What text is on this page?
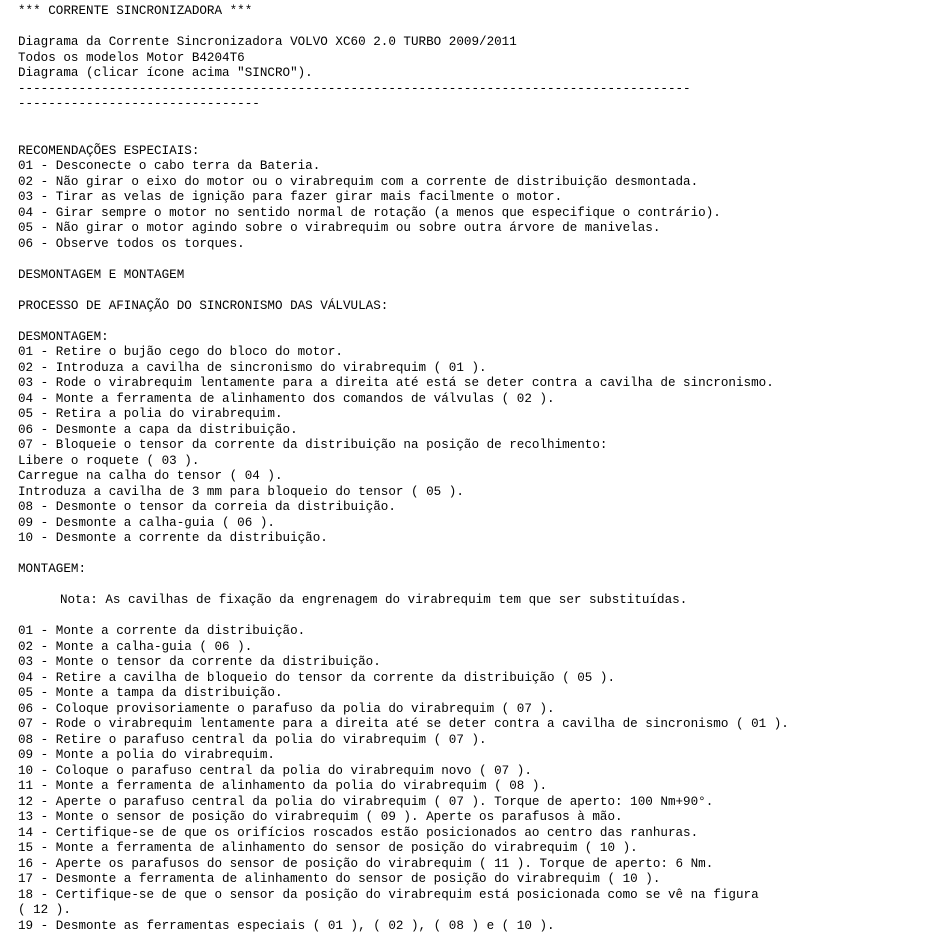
*** CORRENTE SINCRONIZADORA ***
Diagrama da Corrente Sincronizadora VOLVO XC60 2.0 TURBO 2009/2011
Todos os modelos Motor B4204T6
Diagrama (clicar ícone acima "SINCRO").
-----------------------------------------------------------------------------------------
--------------------------------
RECOMENDAÇÕES ESPECIAIS:
01 - Desconecte o cabo terra da Bateria.
02 - Não girar o eixo do motor ou o virabrequim com a corrente de distribuição desmontada.
03 - Tirar as velas de ignição para fazer girar mais facilmente o motor.
04 - Girar sempre o motor no sentido normal de rotação (a menos que especifique o contrário).
05 - Não girar o motor agindo sobre o virabrequim ou sobre outra árvore de manivelas.
06 - Observe todos os torques.
DESMONTAGEM E MONTAGEM
PROCESSO DE AFINAÇÃO DO SINCRONISMO DAS VÁLVULAS:
DESMONTAGEM:
01 - Retire o bujão cego do bloco do motor.
02 - Introduza a cavilha de sincronismo do virabrequim ( 01 ).
03 - Rode o virabrequim lentamente para a direita até está se deter contra a cavilha de sincronismo.
04 - Monte a ferramenta de alinhamento dos comandos de válvulas ( 02 ).
05 - Retira a polia do virabrequim.
06 - Desmonte a capa da distribuição.
07 - Bloqueie o tensor da corrente da distribuição na posição de recolhimento:
Libere o roquete ( 03 ).
Carregue na calha do tensor ( 04 ).
Introduza a cavilha de 3 mm para bloqueio do tensor ( 05 ).
08 - Desmonte o tensor da correia da distribuição.
09 - Desmonte a calha-guia ( 06 ).
10 - Desmonte a corrente da distribuição.
MONTAGEM:
Nota: As cavilhas de fixação da engrenagem do virabrequim tem que ser substituídas.
01 - Monte a corrente da distribuição.
02 - Monte a calha-guia ( 06 ).
03 - Monte o tensor da corrente da distribuição.
04 - Retire a cavilha de bloqueio do tensor da corrente da distribuição ( 05 ).
05 - Monte a tampa da distribuição.
06 - Coloque provisoriamente o parafuso da polia do virabrequim ( 07 ).
07 - Rode o virabrequim lentamente para a direita até se deter contra a cavilha de sincronismo ( 01 ).
08 - Retire o parafuso central da polia do virabrequim ( 07 ).
09 - Monte a polia do virabrequim.
10 - Coloque o parafuso central da polia do virabrequim novo ( 07 ).
11 - Monte a ferramenta de alinhamento da polia do virabrequim ( 08 ).
12 - Aperte o parafuso central da polia do virabrequim ( 07 ). Torque de aperto: 100 Nm+90°.
13 - Monte o sensor de posição do virabrequim ( 09 ). Aperte os parafusos à mão.
14 - Certifique-se de que os orifícios roscados estão posicionados ao centro das ranhuras.
15 - Monte a ferramenta de alinhamento do sensor de posição do virabrequim ( 10 ).
16 - Aperte os parafusos do sensor de posição do virabrequim ( 11 ). Torque de aperto: 6 Nm.
17 - Desmonte a ferramenta de alinhamento do sensor de posição do virabrequim ( 10 ).
18 - Certifique-se de que o sensor da posição do virabrequim está posicionada como se vê na figura
( 12 ).
19 - Desmonte as ferramentas especiais ( 01 ), ( 02 ), ( 08 ) e ( 10 ).
